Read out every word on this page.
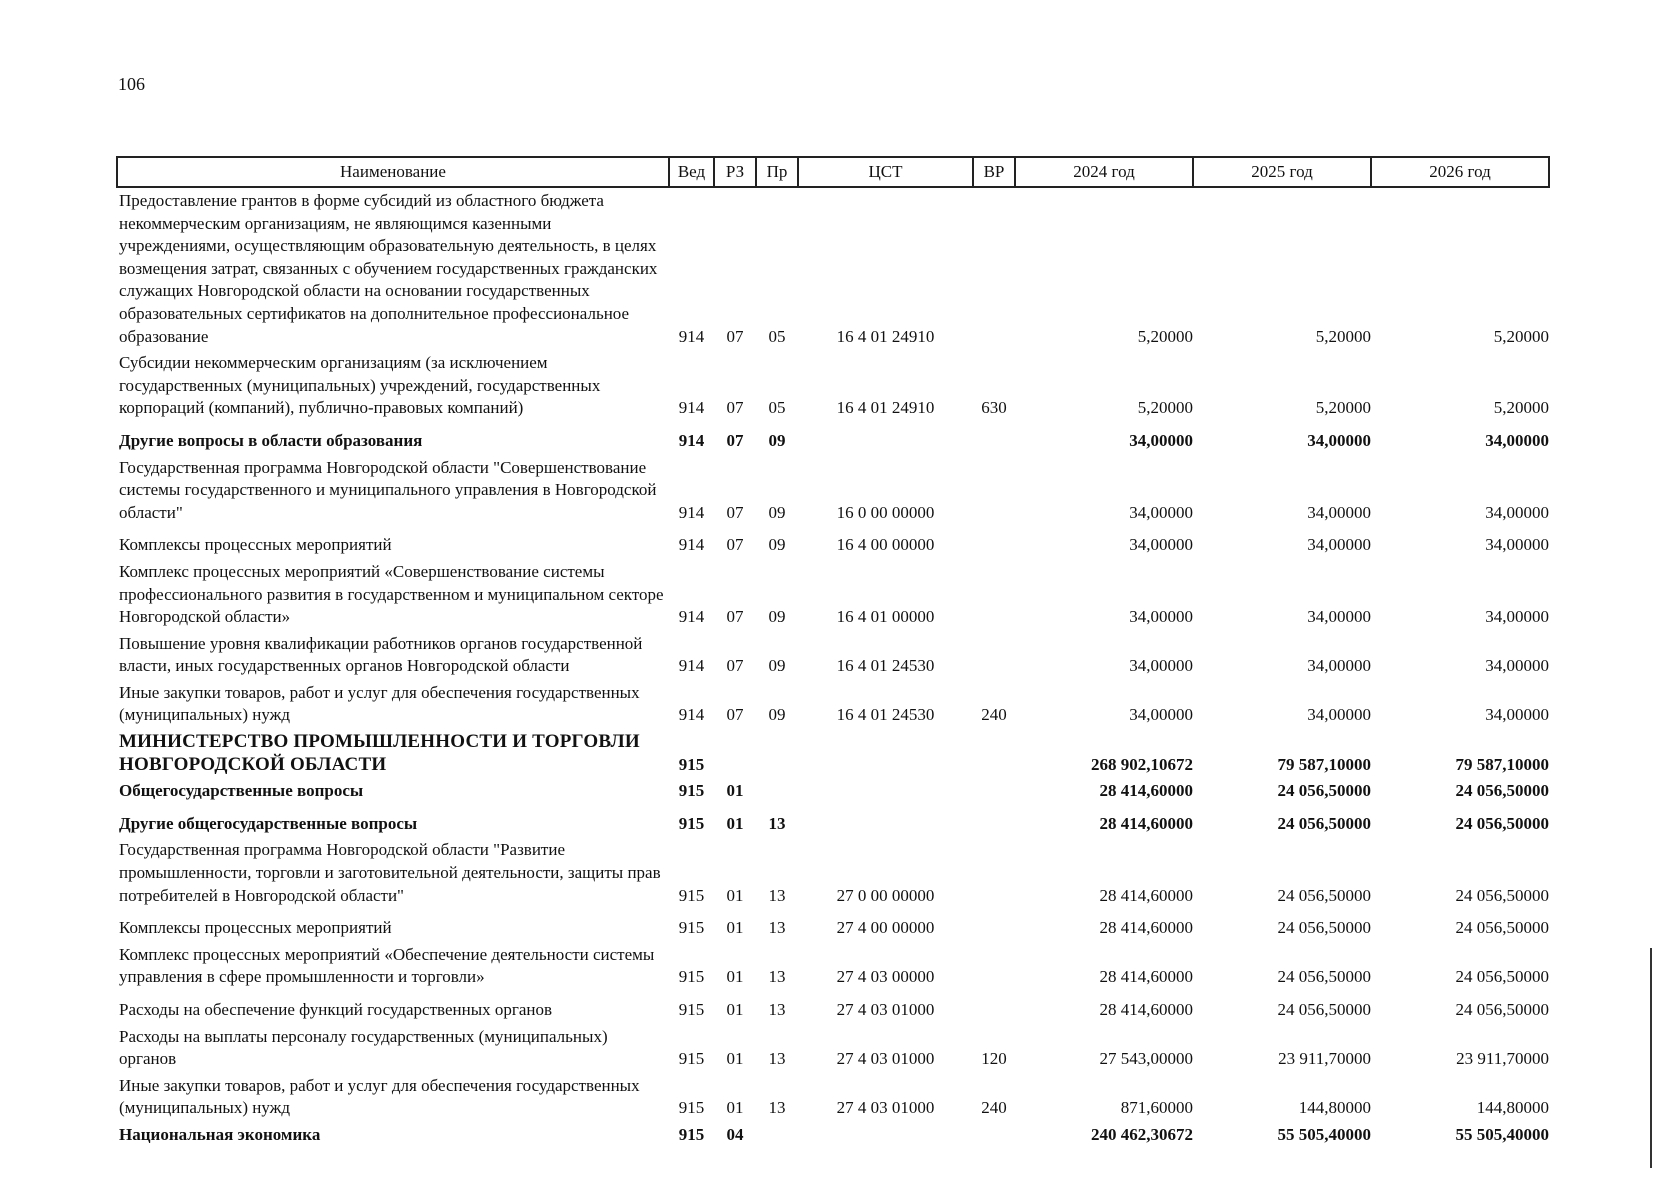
106
Наименование	Вед	РЗ	Пр	ЦСТ	ВР	2024 год	2025 год	2026 год
Предоставление грантов в форме субсидий из областного бюджета некоммерческим организациям, не являющимся казенными учреждениями, осуществляющим образовательную деятельность, в целях возмещения затрат, связанных с обучением государственных гражданских служащих Новгородской области на основании государственных образовательных сертификатов на дополнительное профессиональное образование	914	07	05	16 4 01 24910		5,20000	5,20000	5,20000
Субсидии некоммерческим организациям (за исключением государственных (муниципальных) учреждений, государственных корпораций (компаний), публично-правовых компаний)	914	07	05	16 4 01 24910	630	5,20000	5,20000	5,20000
Другие вопросы в области образования	914	07	09			34,00000	34,00000	34,00000
Государственная программа Новгородской области "Совершенствование системы государственного и муниципального управления в Новгородской области"	914	07	09	16 0 00 00000		34,00000	34,00000	34,00000
Комплексы процессных мероприятий	914	07	09	16 4 00 00000		34,00000	34,00000	34,00000
Комплекс процессных мероприятий «Совершенствование системы профессионального развития в государственном и муниципальном секторе Новгородской области»	914	07	09	16 4 01 00000		34,00000	34,00000	34,00000
Повышение уровня квалификации работников органов государственной власти, иных государственных органов Новгородской области	914	07	09	16 4 01 24530		34,00000	34,00000	34,00000
Иные закупки товаров, работ и услуг для обеспечения государственных (муниципальных) нужд	914	07	09	16 4 01 24530	240	34,00000	34,00000	34,00000
МИНИСТЕРСТВО ПРОМЫШЛЕННОСТИ И ТОРГОВЛИ НОВГОРОДСКОЙ ОБЛАСТИ	915					268 902,10672	79 587,10000	79 587,10000
Общегосударственные вопросы	915	01				28 414,60000	24 056,50000	24 056,50000
Другие общегосударственные вопросы	915	01	13			28 414,60000	24 056,50000	24 056,50000
Государственная программа Новгородской области "Развитие промышленности, торговли и заготовительной деятельности, защиты прав потребителей в Новгородской области"	915	01	13	27 0 00 00000		28 414,60000	24 056,50000	24 056,50000
Комплексы процессных мероприятий	915	01	13	27 4 00 00000		28 414,60000	24 056,50000	24 056,50000
Комплекс процессных мероприятий «Обеспечение деятельности системы управления в сфере промышленности и торговли»	915	01	13	27 4 03 00000		28 414,60000	24 056,50000	24 056,50000
Расходы на обеспечение функций государственных органов	915	01	13	27 4 03 01000		28 414,60000	24 056,50000	24 056,50000
Расходы на выплаты персоналу государственных (муниципальных) органов	915	01	13	27 4 03 01000	120	27 543,00000	23 911,70000	23 911,70000
Иные закупки товаров, работ и услуг для обеспечения государственных (муниципальных) нужд	915	01	13	27 4 03 01000	240	871,60000	144,80000	144,80000
Национальная экономика	915	04				240 462,30672	55 505,40000	55 505,40000
